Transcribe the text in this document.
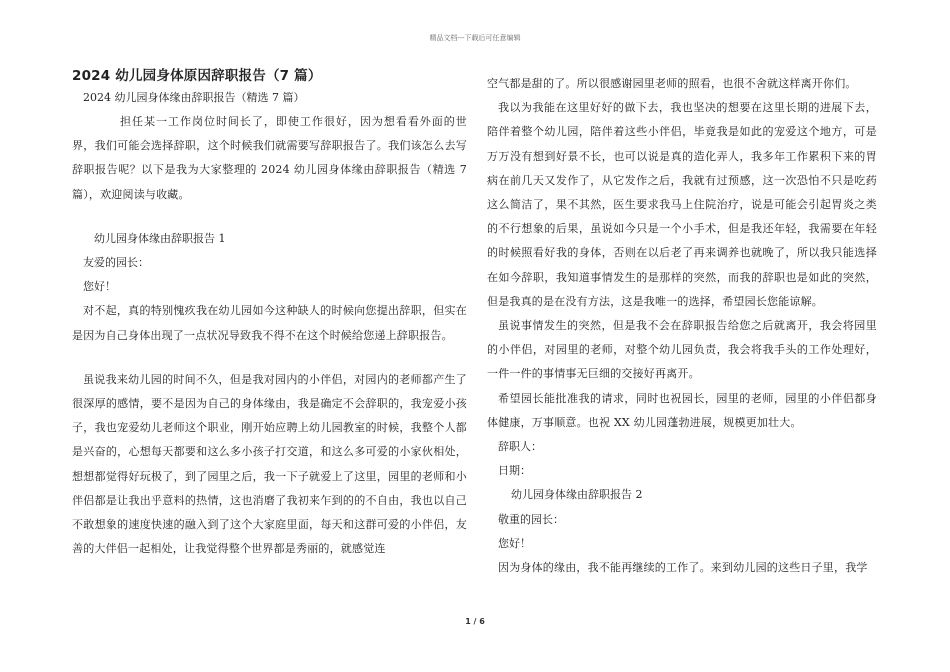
精品文档---下载后可任意编辑

2024 幼儿园身体原因辞职报告（7 篇）

2024 幼儿园身体缘由辞职报告（精选 7 篇）

担任某一工作岗位时间长了，即使工作很好，因为想看看外面的世界，我们可能会选择辞职，这个时候我们就需要写辞职报告了。我们该怎么去写辞职报告呢？以下是我为大家整理的 2024 幼儿园身体缘由辞职报告（精选 7 篇），欢迎阅读与收藏。

幼儿园身体缘由辞职报告 1

友爱的园长：

您好！

对不起，真的特别愧疚我在幼儿园如今这种缺人的时候向您提出辞职，但实在是因为自己身体出现了一点状况导致我不得不在这个时候给您递上辞职报告。

虽说我来幼儿园的时间不久，但是我对园内的小伴侣，对园内的老师都产生了很深厚的感情，要不是因为自己的身体缘由，我是确定不会辞职的，我宠爱小孩子，我也宠爱幼儿老师这个职业，刚开始应聘上幼儿园教室的时候，我整个人都是兴奋的，心想每天都要和这么多小孩子打交道，和这么多可爱的小家伙相处，想想都觉得好玩极了，到了园里之后，我一下子就爱上了这里，园里的老师和小伴侣都是让我出乎意料的热情，这也消磨了我初来乍到的的不自由，我也以自己不敢想象的速度快速的融入到了这个大家庭里面，每天和这群可爱的小伴侣，友善的大伴侣一起相处，让我觉得整个世界都是秀丽的，就感觉连

空气都是甜的了。所以很感谢园里老师的照看，也很不舍就这样离开你们。

我以为我能在这里好好的做下去，我也坚决的想要在这里长期的进展下去，陪伴着整个幼儿园，陪伴着这些小伴侣，毕竟我是如此的宠爱这个地方，可是万万没有想到好景不长，也可以说是真的造化弄人，我多年工作累积下来的胃病在前几天又发作了，从它发作之后，我就有过预感，这一次恐怕不只是吃药这么简洁了，果不其然，医生要求我马上住院治疗，说是可能会引起胃炎之类的不行想象的后果，虽说如今只是一个小手术，但是我还年轻，我需要在年轻的时候照看好我的身体，否则在以后老了再来调养也就晚了，所以我只能选择在如今辞职，我知道事情发生的是那样的突然，而我的辞职也是如此的突然，但是我真的是在没有方法，这是我唯一的选择，希望园长您能谅解。

虽说事情发生的突然，但是我不会在辞职报告给您之后就离开，我会将园里的小伴侣，对园里的老师，对整个幼儿园负责，我会将我手头的工作处理好，一件一件的事情事无巨细的交接好再离开。

希望园长能批准我的请求，同时也祝园长，园里的老师，园里的小伴侣都身体健康，万事顺意。也祝 XX 幼儿园蓬勃进展，规模更加壮大。

辞职人：

日期：

幼儿园身体缘由辞职报告 2

敬重的园长：

您好！

因为身体的缘由，我不能再继续的工作了。来到幼儿园的这些日子里，我学

1 / 6
